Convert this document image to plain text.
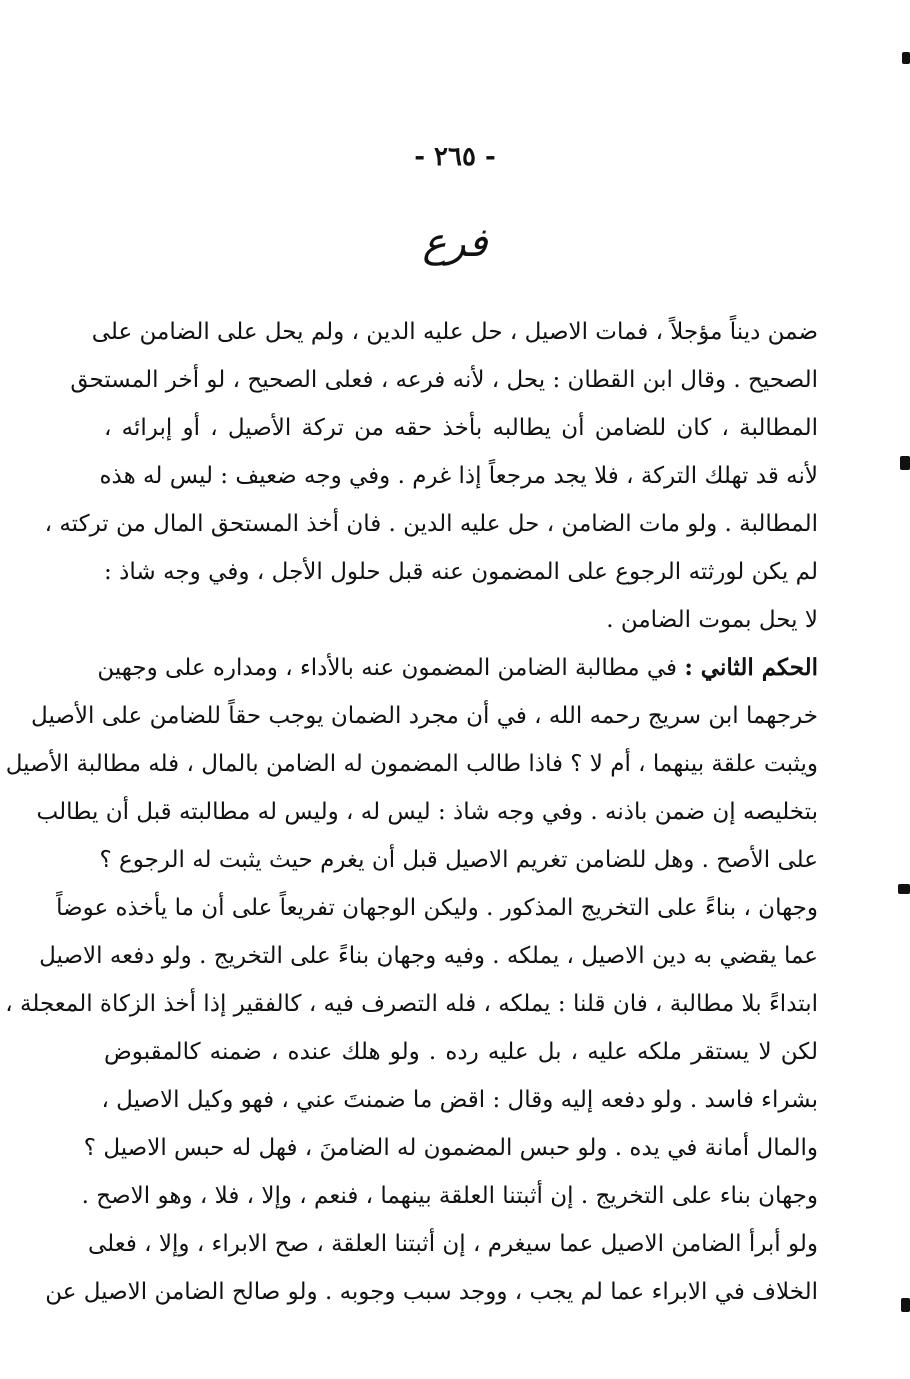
- ٢٦٥ -
فرع
ضمن ديناً مؤجلاً ، فمات الاصيل ، حل عليه الدين ، ولم يحل على الضامن على
الصحيح . وقال ابن القطان : يحل ، لأنه فرعه ، فعلى الصحيح ، لو أخر المستحق
المطالبة ، كان للضامن أن يطالبه بأخذ حقه من تركة الأصيل ، أو إبرائه ،
لأنه قد تهلك التركة ، فلا يجد مرجعاً إذا غرم . وفي وجه ضعيف : ليس له هذه
المطالبة . ولو مات الضامن ، حل عليه الدين . فان أخذ المستحق المال من تركته ،
لم يكن لورثته الرجوع على المضمون عنه قبل حلول الأجل ، وفي وجه شاذ :
لا يحل بموت الضامن .
الحكم الثاني : في مطالبة الضامن المضمون عنه بالأداء ، ومداره على وجهين
خرجهما ابن سريج رحمه الله ، في أن مجرد الضمان يوجب حقاً للضامن على الأصيل
ويثبت علقة بينهما ، أم لا ؟ فاذا طالب المضمون له الضامن بالمال ، فله مطالبة الأصيل
بتخليصه إن ضمن باذنه . وفي وجه شاذ : ليس له ، وليس له مطالبته قبل أن يطالب
على الأصح . وهل للضامن تغريم الاصيل قبل أن يغرم حيث يثبت له الرجوع ؟
وجهان ، بناءً على التخريج المذكور . وليكن الوجهان تفريعاً على أن ما يأخذه عوضاً
عما يقضي به دين الاصيل ، يملكه . وفيه وجهان بناءً على التخريج . ولو دفعه الاصيل
ابتداءً بلا مطالبة ، فان قلنا : يملكه ، فله التصرف فيه ، كالفقير إذا أخذ الزكاة المعجلة ،
لكن لا يستقر ملكه عليه ، بل عليه رده . ولو هلك عنده ، ضمنه كالمقبوض
بشراء فاسد . ولو دفعه إليه وقال : اقض ما ضمنتَ عني ، فهو وكيل الاصيل ،
والمال أمانة في يده . ولو حبس المضمون له الضامنَ ، فهل له حبس الاصيل ؟
وجهان بناء على التخريج . إن أثبتنا العلقة بينهما ، فنعم ، وإلا ، فلا ، وهو الاصح .
ولو أبرأ الضامن الاصيل عما سيغرم ، إن أثبتنا العلقة ، صح الابراء ، وإلا ، فعلى
الخلاف في الابراء عما لم يجب ، ووجد سبب وجوبه . ولو صالح الضامن الاصيل عن
